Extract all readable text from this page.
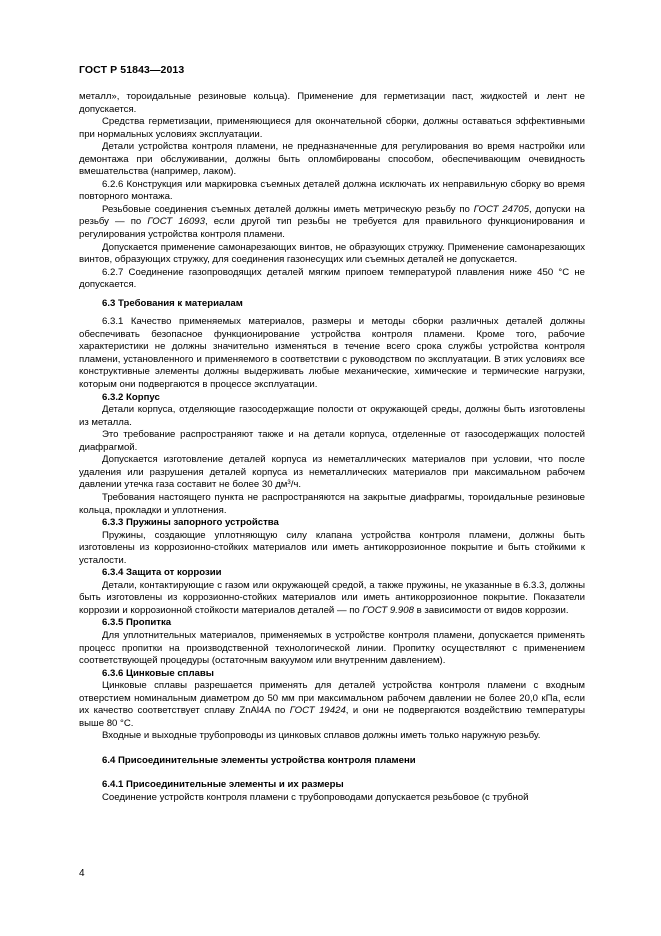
ГОСТ Р 51843—2013

металл», тороидальные резиновые кольца). Применение для герметизации паст, жидкостей и лент не допускается.

Средства герметизации, применяющиеся для окончательной сборки, должны оставаться эффективными при нормальных условиях эксплуатации.

Детали устройства контроля пламени, не предназначенные для регулирования во время настройки или демонтажа при обслуживании, должны быть опломбированы способом, обеспечивающим очевидность вмешательства (например, лаком).

6.2.6 Конструкция или маркировка съемных деталей должна исключать их неправильную сборку во время повторного монтажа.

Резьбовые соединения съемных деталей должны иметь метрическую резьбу по ГОСТ 24705, допуски на резьбу — по ГОСТ 16093, если другой тип резьбы не требуется для правильного функционирования и регулирования устройства контроля пламени.

Допускается применение самонарезающих винтов, не образующих стружку. Применение самонарезающих винтов, образующих стружку, для соединения газонесущих или съемных деталей не допускается.

6.2.7 Соединение газопроводящих деталей мягким припоем температурой плавления ниже 450 °C не допускается.

6.3 Требования к материалам

6.3.1 Качество применяемых материалов, размеры и методы сборки различных деталей должны обеспечивать безопасное функционирование устройства контроля пламени. Кроме того, рабочие характеристики не должны значительно изменяться в течение всего срока службы устройства контроля пламени, установленного и применяемого в соответствии с руководством по эксплуатации. В этих условиях все конструктивные элементы должны выдерживать любые механические, химические и термические нагрузки, которым они подвергаются в процессе эксплуатации.

6.3.2 Корпус

Детали корпуса, отделяющие газосодержащие полости от окружающей среды, должны быть изготовлены из металла.

Это требование распространяют также и на детали корпуса, отделенные от газосодержащих полостей диафрагмой.

Допускается изготовление деталей корпуса из неметаллических материалов при условии, что после удаления или разрушения деталей корпуса из неметаллических материалов при максимальном рабочем давлении утечка газа составит не более 30 $дм^3/ч$.

Требования настоящего пункта не распространяются на закрытые диафрагмы, тороидальные резиновые кольца, прокладки и уплотнения.

6.3.3 Пружины запорного устройства

Пружины, создающие уплотняющую силу клапана устройства контроля пламени, должны быть изготовлены из коррозионно-стойких материалов или иметь антикоррозионное покрытие и быть стойкими к усталости.

6.3.4 Защита от коррозии

Детали, контактирующие с газом или окружающей средой, а также пружины, не указанные в 6.3.3, должны быть изготовлены из коррозионно-стойких материалов или иметь антикоррозионное покрытие. Показатели коррозии и коррозионной стойкости материалов деталей — по ГОСТ 9.908 в зависимости от видов коррозии.

6.3.5 Пропитка

Для уплотнительных материалов, применяемых в устройстве контроля пламени, допускается применять процесс пропитки на производственной технологической линии. Пропитку осуществляют с применением соответствующей процедуры (остаточным вакуумом или внутренним давлением).

6.3.6 Цинковые сплавы

Цинковые сплавы разрешается применять для деталей устройства контроля пламени с входным отверстием номинальным диаметром до 50 мм при максимальном рабочем давлении не более 20,0 кПа, если их качество соответствует сплаву ZnAl4A по ГОСТ 19424, и они не подвергаются воздействию температуры выше 80 °C.

Входные и выходные трубопроводы из цинковых сплавов должны иметь только наружную резьбу.

6.4 Присоединительные элементы устройства контроля пламени

6.4.1 Присоединительные элементы и их размеры

Соединение устройств контроля пламени с трубопроводами допускается резьбовое (с трубной

4
